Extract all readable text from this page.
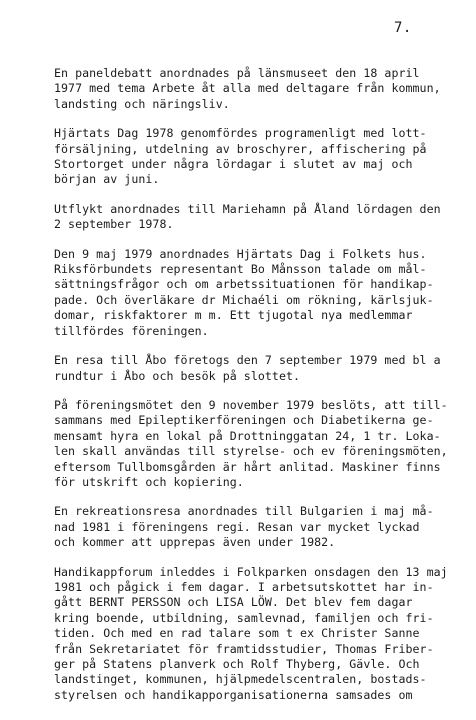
7.

En paneldebatt anordnades på länsmuseet den 18 april
1977 med tema Arbete åt alla med deltagare från kommun,
landsting och näringsliv.

Hjärtats Dag 1978 genomfördes programenligt med lott-
försäljning, utdelning av broschyrer, affischering på
Stortorget under några lördagar i slutet av maj och
början av juni.

Utflykt anordnades till Mariehamn på Åland lördagen den
2 september 1978.

Den 9 maj 1979 anordnades Hjärtats Dag i Folkets hus.
Riksförbundets representant Bo Månsson talade om mål-
sättningsfrågor och om arbetssituationen för handikap-
pade. Och överläkare dr Michaéli om rökning, kärlsjuk-
domar, riskfaktorer m m. Ett tjugotal nya medlemmar
tillfördes föreningen.

En resa till Åbo företogs den 7 september 1979 med bl a
rundtur i Åbo och besök på slottet.

På föreningsmötet den 9 november 1979 beslöts, att till-
sammans med Epileptikerföreningen och Diabetikerna ge-
mensamt hyra en lokal på Drottninggatan 24, 1 tr. Loka-
len skall användas till styrelse- och ev föreningsmöten,
eftersom Tullbomsgården är hårt anlitad. Maskiner finns
för utskrift och kopiering.

En rekreationsresa anordnades till Bulgarien i maj må-
nad 1981 i föreningens regi. Resan var mycket lyckad
och kommer att upprepas även under 1982.

Handikappforum inleddes i Folkparken onsdagen den 13 maj
1981 och pågick i fem dagar. I arbetsutskottet har in-
gått BERNT PERSSON och LISA LÖW. Det blev fem dagar
kring boende, utbildning, samlevnad, familjen och fri-
tiden. Och med en rad talare som t ex Christer Sanne
från Sekretariatet för framtidsstudier, Thomas Friber-
ger på Statens planverk och Rolf Thyberg, Gävle. Och
landstinget, kommunen, hjälpmedelscentralen, bostads-
styrelsen och handikapporganisationerna samsades om
